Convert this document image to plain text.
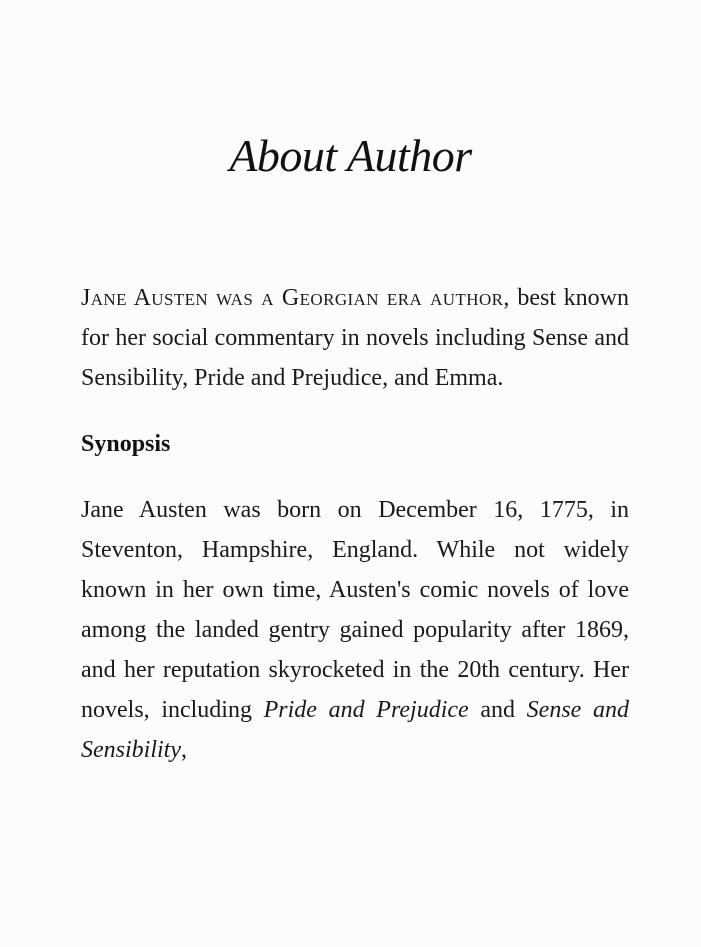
About Author

Jane Austen was a Georgian era author, best known for her social commentary in novels including Sense and Sensibility, Pride and Prejudice, and Emma.

Synopsis

Jane Austen was born on December 16, 1775, in Steventon, Hampshire, England. While not widely known in her own time, Austen's comic novels of love among the landed gentry gained popularity after 1869, and her reputation skyrocketed in the 20th century. Her novels, including Pride and Prejudice and Sense and Sensibility,
